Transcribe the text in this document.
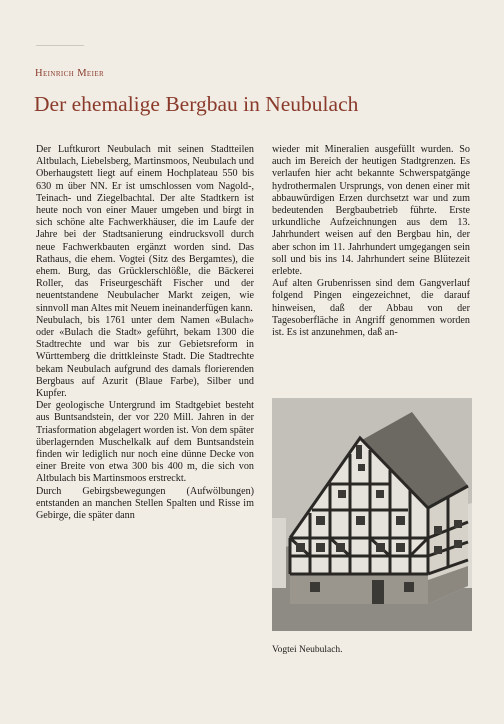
Heinrich Meier
Der ehemalige Bergbau in Neubulach

Der Luftkurort Neubulach mit seinen Stadtteilen Altbulach, Liebelsberg, Martinsmoos, Neubulach und Oberhaugstett liegt auf einem Hochplateau 550 bis 630 m über NN. Er ist umschlossen vom Nagold-, Teinach- und Ziegelbachtal. Der alte Stadtkern ist heute noch von einer Mauer umgeben und birgt in sich schöne alte Fachwerkhäuser, die im Laufe der Jahre bei der Stadtsanierung eindrucksvoll durch neue Fachwerkbauten ergänzt worden sind. Das Rathaus, die ehem. Vogtei (Sitz des Bergamtes), die ehem. Burg, das Grücklerschlößle, die Bäckerei Roller, das Friseurgeschäft Fischer und der neuentstandene Neubulacher Markt zeigen, wie sinnvoll man Altes mit Neuem ineinanderfügen kann.

Neubulach, bis 1761 unter dem Namen «Bulach» oder «Bulach die Stadt» geführt, bekam 1300 die Stadtrechte und war bis zur Gebietsreform in Württemberg die drittkleinste Stadt. Die Stadtrechte bekam Neubulach aufgrund des damals florierenden Bergbaus auf Azurit (Blaue Farbe), Silber und Kupfer.

Der geologische Untergrund im Stadtgebiet besteht aus Buntsandstein, der vor 220 Mill. Jahren in der Triasformation abgelagert worden ist. Von dem später überlagernden Muschelkalk auf dem Buntsandstein finden wir lediglich nur noch eine dünne Decke von einer Breite von etwa 300 bis 400 m, die sich von Altbulach bis Martinsmoos erstreckt.

Durch Gebirgsbewegungen (Aufwölbungen) entstanden an manchen Stellen Spalten und Risse im Gebirge, die später dann

wieder mit Mineralien ausgefüllt wurden. So auch im Bereich der heutigen Stadtgrenzen. Es verlaufen hier acht bekannte Schwerspatgänge hydrothermalen Ursprungs, von denen einer mit abbauwürdigen Erzen durchsetzt war und zum bedeutenden Bergbaubetrieb führte. Erste urkundliche Aufzeichnungen aus dem 13. Jahrhundert weisen auf den Bergbau hin, der aber schon im 11. Jahrhundert umgegangen sein soll und bis ins 14. Jahrhundert seine Blütezeit erlebte.

Auf alten Grubenrissen sind dem Gangverlauf folgend Pingen eingezeichnet, die darauf hinweisen, daß der Abbau von der Tagesoberfläche in Angriff genommen worden ist. Es ist anzunehmen, daß an-

Vogtei Neubulach.
